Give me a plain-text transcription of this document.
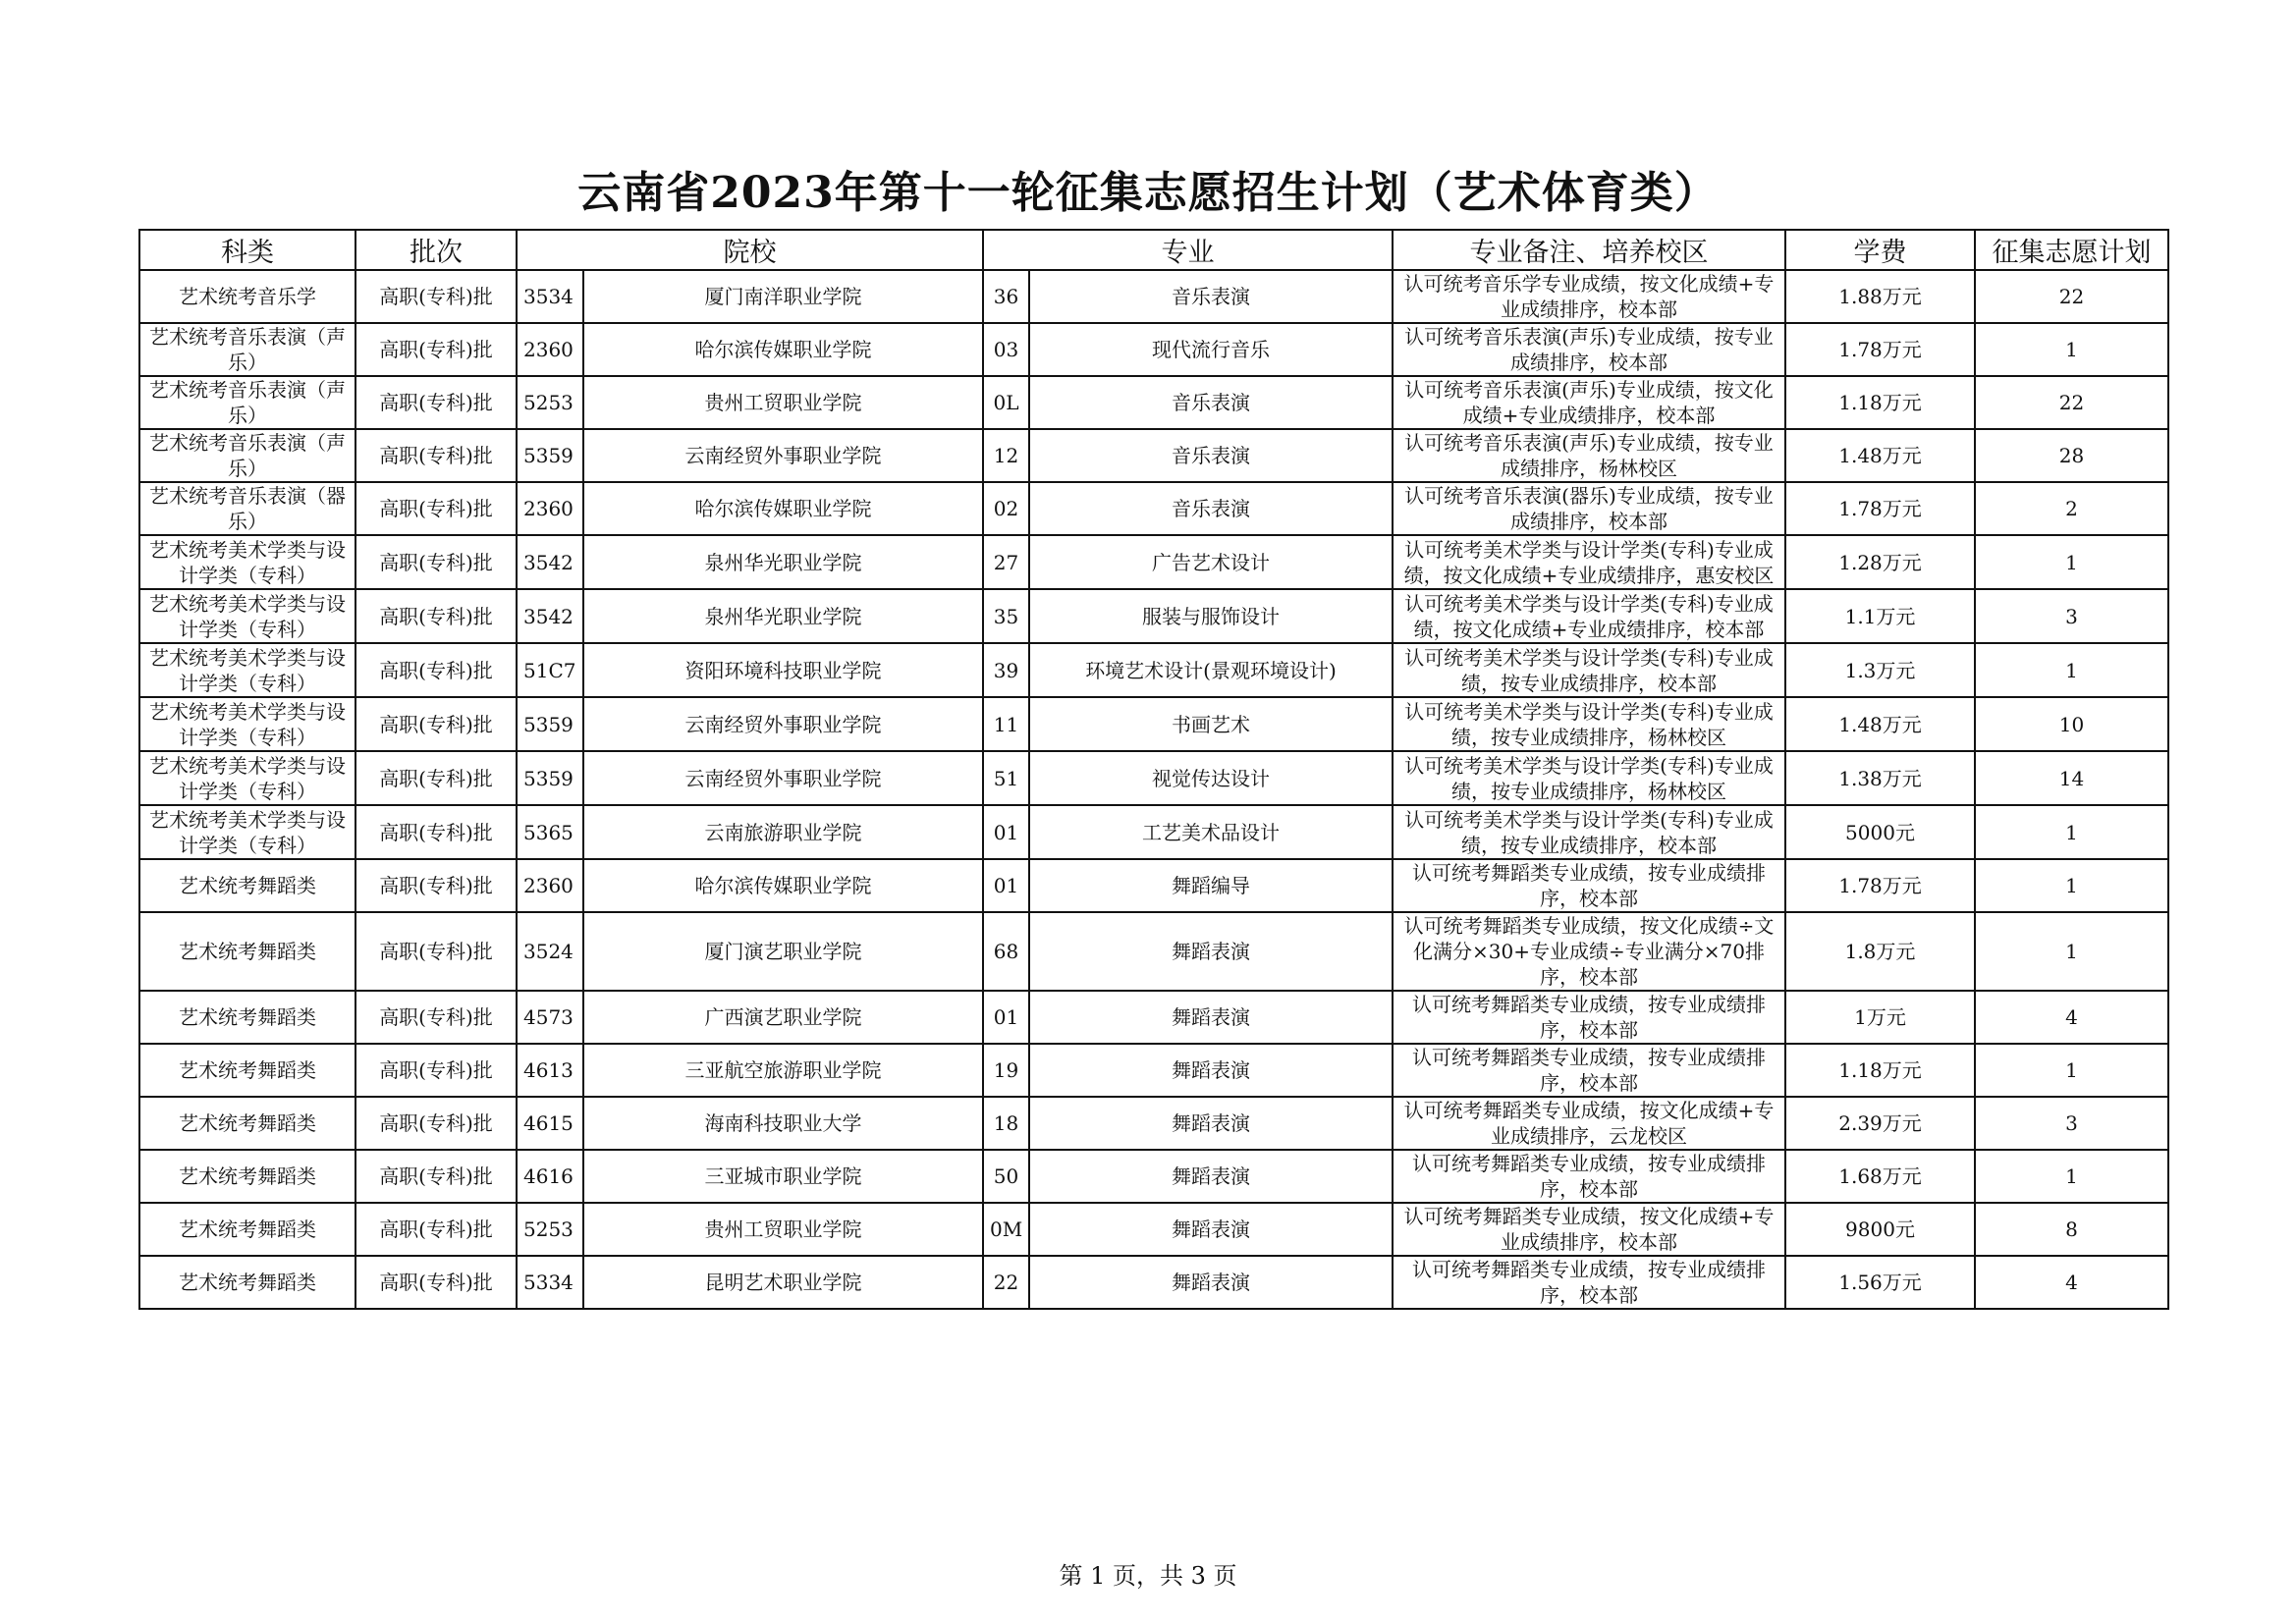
云南省2023年第十一轮征集志愿招生计划（艺术体育类）
科类	批次	院校		专业		专业备注、培养校区	学费	征集志愿计划
艺术统考音乐学	高职(专科)批	3534	厦门南洋职业学院	36	音乐表演	认可统考音乐学专业成绩，按文化成绩+专业成绩排序，校本部	1.88万元	22
艺术统考音乐表演（声乐）	高职(专科)批	2360	哈尔滨传媒职业学院	03	现代流行音乐	认可统考音乐表演(声乐)专业成绩，按专业成绩排序，校本部	1.78万元	1
艺术统考音乐表演（声乐）	高职(专科)批	5253	贵州工贸职业学院	0L	音乐表演	认可统考音乐表演(声乐)专业成绩，按文化成绩+专业成绩排序，校本部	1.18万元	22
艺术统考音乐表演（声乐）	高职(专科)批	5359	云南经贸外事职业学院	12	音乐表演	认可统考音乐表演(声乐)专业成绩，按专业成绩排序，杨林校区	1.48万元	28
艺术统考音乐表演（器乐）	高职(专科)批	2360	哈尔滨传媒职业学院	02	音乐表演	认可统考音乐表演(器乐)专业成绩，按专业成绩排序，校本部	1.78万元	2
艺术统考美术学类与设计学类（专科）	高职(专科)批	3542	泉州华光职业学院	27	广告艺术设计	认可统考美术学类与设计学类(专科)专业成绩，按文化成绩+专业成绩排序，惠安校区	1.28万元	1
艺术统考美术学类与设计学类（专科）	高职(专科)批	3542	泉州华光职业学院	35	服装与服饰设计	认可统考美术学类与设计学类(专科)专业成绩，按文化成绩+专业成绩排序，校本部	1.1万元	3
艺术统考美术学类与设计学类（专科）	高职(专科)批	51C7	资阳环境科技职业学院	39	环境艺术设计(景观环境设计)	认可统考美术学类与设计学类(专科)专业成绩，按专业成绩排序，校本部	1.3万元	1
艺术统考美术学类与设计学类（专科）	高职(专科)批	5359	云南经贸外事职业学院	11	书画艺术	认可统考美术学类与设计学类(专科)专业成绩，按专业成绩排序，杨林校区	1.48万元	10
艺术统考美术学类与设计学类（专科）	高职(专科)批	5359	云南经贸外事职业学院	51	视觉传达设计	认可统考美术学类与设计学类(专科)专业成绩，按专业成绩排序，杨林校区	1.38万元	14
艺术统考美术学类与设计学类（专科）	高职(专科)批	5365	云南旅游职业学院	01	工艺美术品设计	认可统考美术学类与设计学类(专科)专业成绩，按专业成绩排序，校本部	5000元	1
艺术统考舞蹈类	高职(专科)批	2360	哈尔滨传媒职业学院	01	舞蹈编导	认可统考舞蹈类专业成绩，按专业成绩排序，校本部	1.78万元	1
艺术统考舞蹈类	高职(专科)批	3524	厦门演艺职业学院	68	舞蹈表演	认可统考舞蹈类专业成绩，按文化成绩÷文化满分×30+专业成绩÷专业满分×70排序，校本部	1.8万元	1
艺术统考舞蹈类	高职(专科)批	4573	广西演艺职业学院	01	舞蹈表演	认可统考舞蹈类专业成绩，按专业成绩排序，校本部	1万元	4
艺术统考舞蹈类	高职(专科)批	4613	三亚航空旅游职业学院	19	舞蹈表演	认可统考舞蹈类专业成绩，按专业成绩排序，校本部	1.18万元	1
艺术统考舞蹈类	高职(专科)批	4615	海南科技职业大学	18	舞蹈表演	认可统考舞蹈类专业成绩，按文化成绩+专业成绩排序，云龙校区	2.39万元	3
艺术统考舞蹈类	高职(专科)批	4616	三亚城市职业学院	50	舞蹈表演	认可统考舞蹈类专业成绩，按专业成绩排序，校本部	1.68万元	1
艺术统考舞蹈类	高职(专科)批	5253	贵州工贸职业学院	0M	舞蹈表演	认可统考舞蹈类专业成绩，按文化成绩+专业成绩排序，校本部	9800元	8
艺术统考舞蹈类	高职(专科)批	5334	昆明艺术职业学院	22	舞蹈表演	认可统考舞蹈类专业成绩，按专业成绩排序，校本部	1.56万元	4
第 1 页，共 3 页
